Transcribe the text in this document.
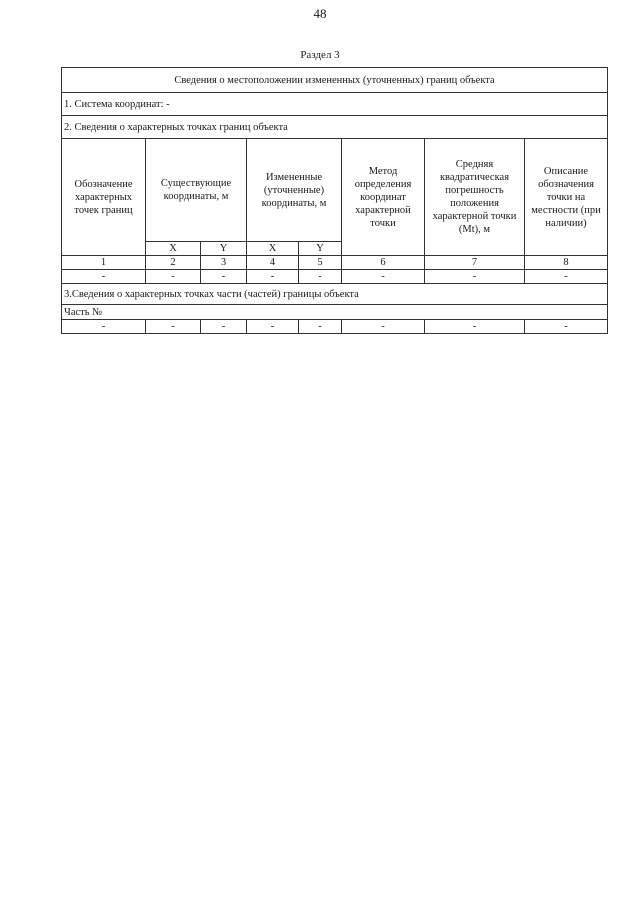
48
Раздел 3
Сведения о местоположении измененных (уточненных) границ объекта							
1. Система координат: -							
2. Сведения о характерных точках границ объекта							
Обозначение характерных точек границ	Существующие координаты, м		Измененные (уточненные) координаты, м		Метод определения координат характерной точки	Средняя квадратическая погрешность положения характерной точки (Mt), м	Описание обозначения точки на местности (при наличии)
	X	Y	X	Y			
1	2	3	4	5	6	7	8
-	-	-	-	-	-	-	-
3.Сведения о характерных точках части (частей) границы объекта							
Часть №							
-	-	-	-	-	-	-	-
